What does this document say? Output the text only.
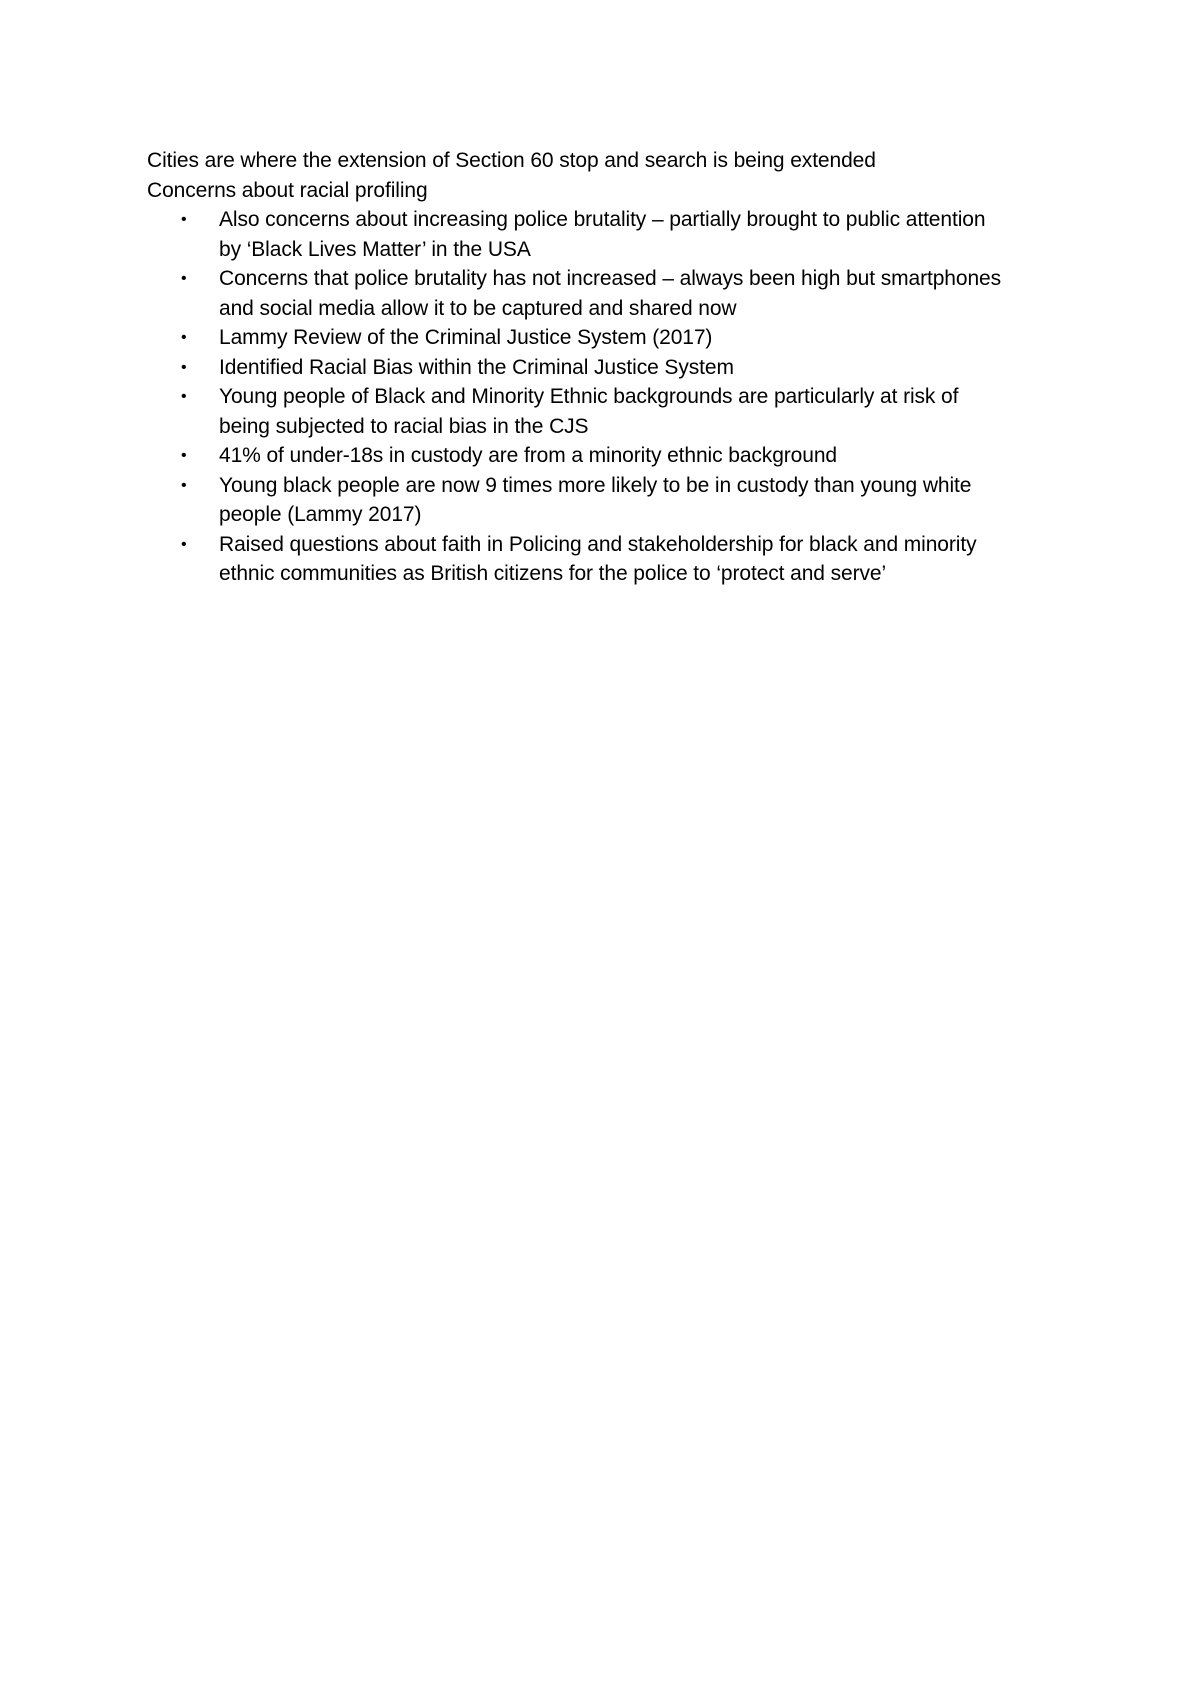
Cities are where the extension of Section 60 stop and search is being extended

Concerns about racial profiling

• Also concerns about increasing police brutality – partially brought to public attention
by ‘Black Lives Matter’ in the USA
• Concerns that police brutality has not increased – always been high but smartphones
and social media allow it to be captured and shared now
• Lammy Review of the Criminal Justice System (2017)
• Identified Racial Bias within the Criminal Justice System
• Young people of Black and Minority Ethnic backgrounds are particularly at risk of
being subjected to racial bias in the CJS
• 41% of under-18s in custody are from a minority ethnic background
• Young black people are now 9 times more likely to be in custody than young white
people (Lammy 2017)
• Raised questions about faith in Policing and stakeholdership for black and minority
ethnic communities as British citizens for the police to ‘protect and serve’
